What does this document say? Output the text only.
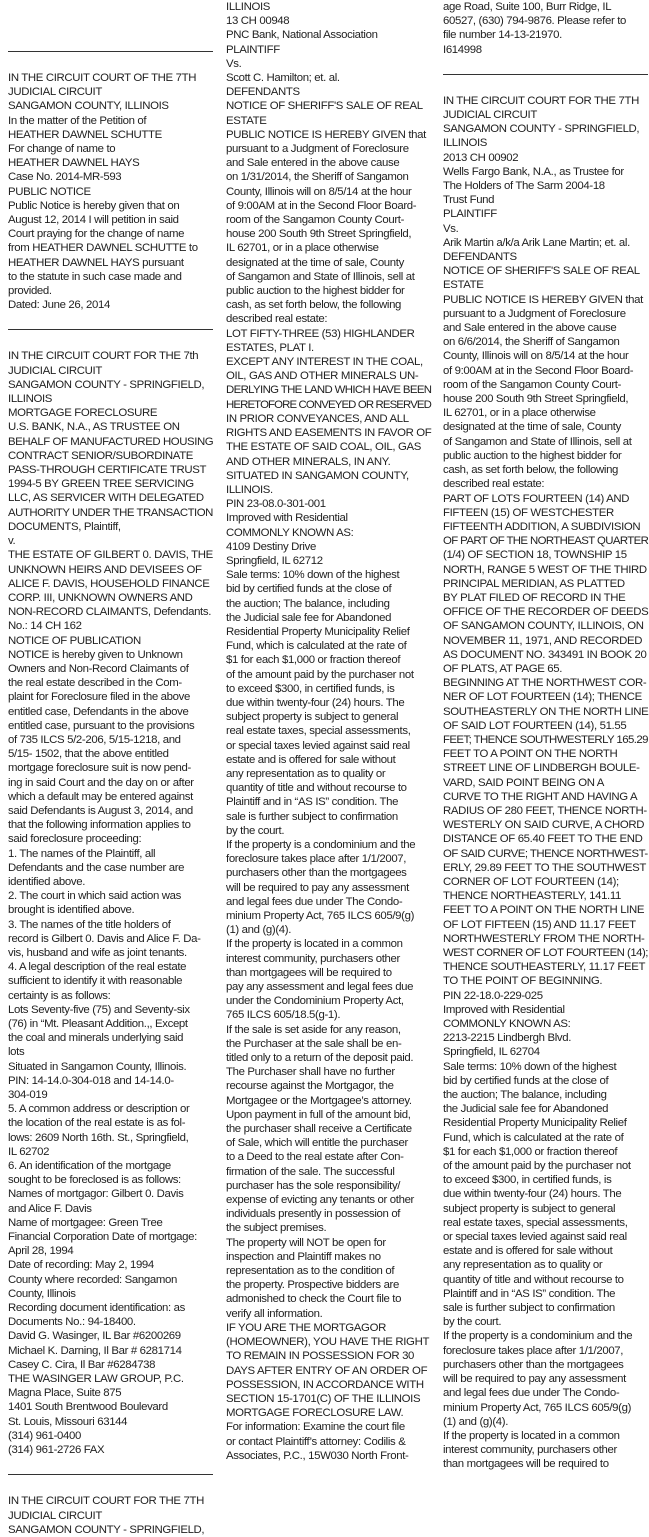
IN THE CIRCUIT COURT OF THE 7TH
JUDICIAL CIRCUIT
SANGAMON COUNTY, ILLINOIS
In the matter of the Petition of
HEATHER DAWNEL SCHUTTE
For change of name to
HEATHER DAWNEL HAYS
Case No. 2014-MR-593
PUBLIC NOTICE
Public Notice is hereby given that on
August 12, 2014 I will petition in said
Court praying for the change of name
from HEATHER DAWNEL SCHUTTE to
HEATHER DAWNEL HAYS pursuant
to the statute in such case made and
provided.
Dated: June 26, 2014
IN THE CIRCUIT COURT FOR THE 7th
JUDICIAL CIRCUIT
SANGAMON COUNTY - SPRINGFIELD,
ILLINOIS
MORTGAGE FORECLOSURE
U.S. BANK, N.A., AS TRUSTEE ON
BEHALF OF MANUFACTURED HOUSING
CONTRACT SENIOR/SUBORDINATE
PASS-THROUGH CERTIFICATE TRUST
1994-5 BY GREEN TREE SERVICING
LLC, AS SERVICER WITH DELEGATED
AUTHORITY UNDER THE TRANSACTION
DOCUMENTS, Plaintiff,
v.
THE ESTATE OF GILBERT 0. DAVIS, THE
UNKNOWN HEIRS AND DEVISEES OF
ALICE F. DAVIS, HOUSEHOLD FINANCE
CORP. III, UNKNOWN OWNERS AND
NON-RECORD CLAIMANTS, Defendants.
No.: 14 CH 162
NOTICE OF PUBLICATION
NOTICE is hereby given to Unknown
Owners and Non-Record Claimants of
the real estate described in the Com-
plaint for Foreclosure filed in the above
entitled case, Defendants in the above
entitled case, pursuant to the provisions
of 735 ILCS 5/2-206, 5/15-1218, and
5/15- 1502, that the above entitled
mortgage foreclosure suit is now pend-
ing in said Court and the day on or after
which a default may be entered against
said Defendants is August 3, 2014, and
that the following information applies to
said foreclosure proceeding:
1. The names of the Plaintiff, all
Defendants and the case number are
identified above.
2. The court in which said action was
brought is identified above.
3. The names of the title holders of
record is Gilbert 0. Davis and Alice F. Da-
vis, husband and wife as joint tenants.
4. A legal description of the real estate
sufficient to identify it with reasonable
certainty is as follows:
Lots Seventy-five (75) and Seventy-six
(76) in “Mt. Pleasant Addition.,, Except
the coal and minerals underlying said
lots
Situated in Sangamon County, Illinois.
PIN: 14-14.0-304-018 and 14-14.0-
304-019
5. A common address or description or
the location of the real estate is as fol-
lows: 2609 North 16th. St., Springfield,
IL 62702
6. An identification of the mortgage
sought to be foreclosed is as follows:
Names of mortgagor: Gilbert 0. Davis
and Alice F. Davis
Name of mortgagee: Green Tree
Financial Corporation Date of mortgage:
April 28, 1994
Date of recording: May 2, 1994
County where recorded: Sangamon
County, Illinois
Recording document identification: as
Documents No.: 94-18400.
David G. Wasinger, IL Bar #6200269
Michael K. Darning, Il Bar # 6281714
Casey C. Cira, Il Bar #6284738
THE WASINGER LAW GROUP, P.C.
Magna Place, Suite 875
1401 South Brentwood Boulevard
St. Louis, Missouri 63144
(314) 961-0400
(314) 961-2726 FAX
IN THE CIRCUIT COURT FOR THE 7TH
JUDICIAL CIRCUIT
SANGAMON COUNTY - SPRINGFIELD,
ILLINOIS
13 CH 00948
PNC Bank, National Association
PLAINTIFF
Vs.
Scott C. Hamilton; et. al.
DEFENDANTS
NOTICE OF SHERIFF'S SALE OF REAL
ESTATE
PUBLIC NOTICE IS HEREBY GIVEN that
pursuant to a Judgment of Foreclosure
and Sale entered in the above cause
on 1/31/2014, the Sheriff of Sangamon
County, Illinois will on 8/5/14 at the hour
of 9:00AM at in the Second Floor Board-
room of the Sangamon County Court-
house 200 South 9th Street Springfield,
IL 62701, or in a place otherwise
designated at the time of sale, County
of Sangamon and State of Illinois, sell at
public auction to the highest bidder for
cash, as set forth below, the following
described real estate:
LOT FIFTY-THREE (53) HIGHLANDER
ESTATES, PLAT I.
EXCEPT ANY INTEREST IN THE COAL,
OIL, GAS AND OTHER MINERALS UN-
DERLYING THE LAND WHICH HAVE BEEN
HERETOFORE CONVEYED OR RESERVED
IN PRIOR CONVEYANCES, AND ALL
RIGHTS AND EASEMENTS IN FAVOR OF
THE ESTATE OF SAID COAL, OIL, GAS
AND OTHER MINERALS, IN ANY.
SITUATED IN SANGAMON COUNTY,
ILLINOIS.
PIN 23-08.0-301-001
Improved with Residential
COMMONLY KNOWN AS:
4109 Destiny Drive
Springfield, IL 62712
Sale terms: 10% down of the highest
bid by certified funds at the close of
the auction; The balance, including
the Judicial sale fee for Abandoned
Residential Property Municipality Relief
Fund, which is calculated at the rate of
$1 for each $1,000 or fraction thereof
of the amount paid by the purchaser not
to exceed $300, in certified funds, is
due within twenty-four (24) hours. The
subject property is subject to general
real estate taxes, special assessments,
or special taxes levied against said real
estate and is offered for sale without
any representation as to quality or
quantity of title and without recourse to
Plaintiff and in “AS IS” condition. The
sale is further subject to confirmation
by the court.
If the property is a condominium and the
foreclosure takes place after 1/1/2007,
purchasers other than the mortgagees
will be required to pay any assessment
and legal fees due under The Condo-
minium Property Act, 765 ILCS 605/9(g)
(1) and (g)(4).
If the property is located in a common
interest community, purchasers other
than mortgagees will be required to
pay any assessment and legal fees due
under the Condominium Property Act,
765 ILCS 605/18.5(g-1).
If the sale is set aside for any reason,
the Purchaser at the sale shall be en-
titled only to a return of the deposit paid.
The Purchaser shall have no further
recourse against the Mortgagor, the
Mortgagee or the Mortgagee’s attorney.
Upon payment in full of the amount bid,
the purchaser shall receive a Certificate
of Sale, which will entitle the purchaser
to a Deed to the real estate after Con-
firmation of the sale. The successful
purchaser has the sole responsibility/
expense of evicting any tenants or other
individuals presently in possession of
the subject premises.
The property will NOT be open for
inspection and Plaintiff makes no
representation as to the condition of
the property. Prospective bidders are
admonished to check the Court file to
verify all information.
IF YOU ARE THE MORTGAGOR
(HOMEOWNER), YOU HAVE THE RIGHT
TO REMAIN IN POSSESSION FOR 30
DAYS AFTER ENTRY OF AN ORDER OF
POSSESSION, IN ACCORDANCE WITH
SECTION 15-1701(C) OF THE ILLINOIS
MORTGAGE FORECLOSURE LAW.
For information: Examine the court file
or contact Plaintiff’s attorney: Codilis &
Associates, P.C., 15W030 North Front-
age Road, Suite 100, Burr Ridge, IL
60527, (630) 794-9876. Please refer to
file number 14-13-21970.
I614998
IN THE CIRCUIT COURT FOR THE 7TH
JUDICIAL CIRCUIT
SANGAMON COUNTY - SPRINGFIELD,
ILLINOIS
2013 CH 00902
Wells Fargo Bank, N.A., as Trustee for
The Holders of The Sarm 2004-18
Trust Fund
PLAINTIFF
Vs.
Arik Martin a/k/a Arik Lane Martin; et. al.
DEFENDANTS
NOTICE OF SHERIFF'S SALE OF REAL
ESTATE
PUBLIC NOTICE IS HEREBY GIVEN that
pursuant to a Judgment of Foreclosure
and Sale entered in the above cause
on 6/6/2014, the Sheriff of Sangamon
County, Illinois will on 8/5/14 at the hour
of 9:00AM at in the Second Floor Board-
room of the Sangamon County Court-
house 200 South 9th Street Springfield,
IL 62701, or in a place otherwise
designated at the time of sale, County
of Sangamon and State of Illinois, sell at
public auction to the highest bidder for
cash, as set forth below, the following
described real estate:
PART OF LOTS FOURTEEN (14) AND
FIFTEEN (15) OF WESTCHESTER
FIFTEENTH ADDITION, A SUBDIVISION
OF PART OF THE NORTHEAST QUARTER
(1/4) OF SECTION 18, TOWNSHIP 15
NORTH, RANGE 5 WEST OF THE THIRD
PRINCIPAL MERIDIAN, AS PLATTED
BY PLAT FILED OF RECORD IN THE
OFFICE OF THE RECORDER OF DEEDS
OF SANGAMON COUNTY, ILLINOIS, ON
NOVEMBER 11, 1971, AND RECORDED
AS DOCUMENT NO. 343491 IN BOOK 20
OF PLATS, AT PAGE 65.
BEGINNING AT THE NORTHWEST COR-
NER OF LOT FOURTEEN (14); THENCE
SOUTHEASTERLY ON THE NORTH LINE
OF SAID LOT FOURTEEN (14), 51.55
FEET; THENCE SOUTHWESTERLY 165.29
FEET TO A POINT ON THE NORTH
STREET LINE OF LINDBERGH BOULE-
VARD, SAID POINT BEING ON A
CURVE TO THE RIGHT AND HAVING A
RADIUS OF 280 FEET, THENCE NORTH-
WESTERLY ON SAID CURVE, A CHORD
DISTANCE OF 65.40 FEET TO THE END
OF SAID CURVE; THENCE NORTHWEST-
ERLY, 29.89 FEET TO THE SOUTHWEST
CORNER OF LOT FOURTEEN (14);
THENCE NORTHEASTERLY, 141.11
FEET TO A POINT ON THE NORTH LINE
OF LOT FIFTEEN (15) AND 11.17 FEET
NORTHWESTERLY FROM THE NORTH-
WEST CORNER OF LOT FOURTEEN (14);
THENCE SOUTHEASTERLY, 11.17 FEET
TO THE POINT OF BEGINNING.
PIN 22-18.0-229-025
Improved with Residential
COMMONLY KNOWN AS:
2213-2215 Lindbergh Blvd.
Springfield, IL 62704
Sale terms: 10% down of the highest
bid by certified funds at the close of
the auction; The balance, including
the Judicial sale fee for Abandoned
Residential Property Municipality Relief
Fund, which is calculated at the rate of
$1 for each $1,000 or fraction thereof
of the amount paid by the purchaser not
to exceed $300, in certified funds, is
due within twenty-four (24) hours. The
subject property is subject to general
real estate taxes, special assessments,
or special taxes levied against said real
estate and is offered for sale without
any representation as to quality or
quantity of title and without recourse to
Plaintiff and in “AS IS” condition. The
sale is further subject to confirmation
by the court.
If the property is a condominium and the
foreclosure takes place after 1/1/2007,
purchasers other than the mortgagees
will be required to pay any assessment
and legal fees due under The Condo-
minium Property Act, 765 ILCS 605/9(g)
(1) and (g)(4).
If the property is located in a common
interest community, purchasers other
than mortgagees will be required to
